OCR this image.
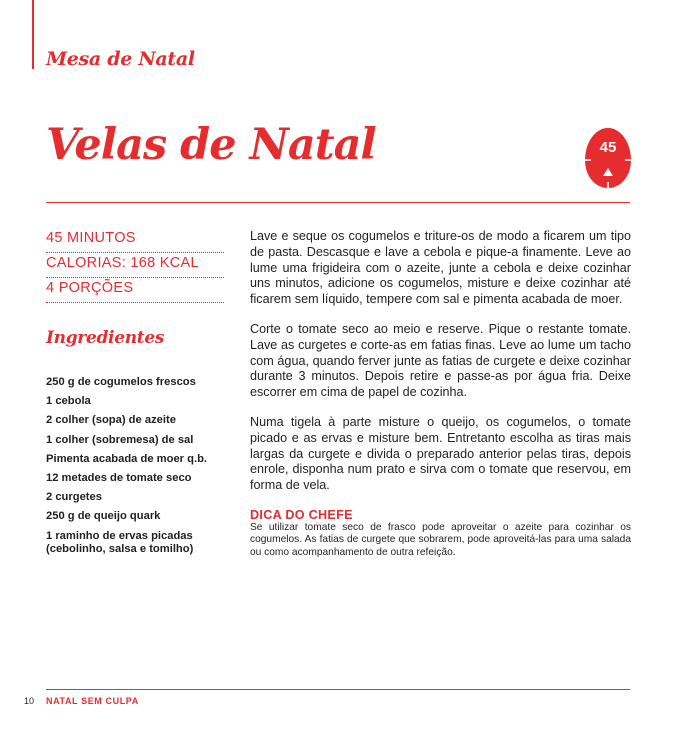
Mesa de Natal
Velas de Natal	45
45 MINUTOS
CALORIAS: 168 KCAL
4 PORÇÕES
Ingredientes
250 g de cogumelos frescos
1 cebola
2 colher (sopa) de azeite
1 colher (sobremesa) de sal
Pimenta acabada de moer q.b.
12 metades de tomate seco
2 curgetes
250 g de queijo quark
1 raminho de ervas picadas (cebolinho, salsa e tomilho)

Lave e seque os cogumelos e triture-os de modo a ficarem um tipo de pasta. Descasque e lave a cebola e pique-a finamente. Leve ao lume uma frigideira com o azeite, junte a cebola e deixe cozinhar uns minutos, adicione os cogumelos, misture e deixe cozinhar até ficarem sem líquido, tempere com sal e pimenta acabada de moer.

Corte o tomate seco ao meio e reserve. Pique o restante tomate. Lave as curgetes e corte-as em fatias finas. Leve ao lume um tacho com água, quando ferver junte as fatias de curgete e deixe cozinhar durante 3 minutos. Depois retire e passe-as por água fria. Deixe escorrer em cima de papel de cozinha.

Numa tigela à parte misture o queijo, os cogumelos, o tomate picado e as ervas e misture bem. Entretanto escolha as tiras mais largas da curgete e divida o preparado anterior pelas tiras, depois enrole, disponha num prato e sirva com o tomate que reservou, em forma de vela.

DICA DO CHEFE
Se utilizar tomate seco de frasco pode aproveitar o azeite para cozinhar os cogumelos. As fatias de curgete que sobrarem, pode aproveitá-las para uma salada ou como acompanhamento de outra refeição.
10 NATAL SEM CULPA
